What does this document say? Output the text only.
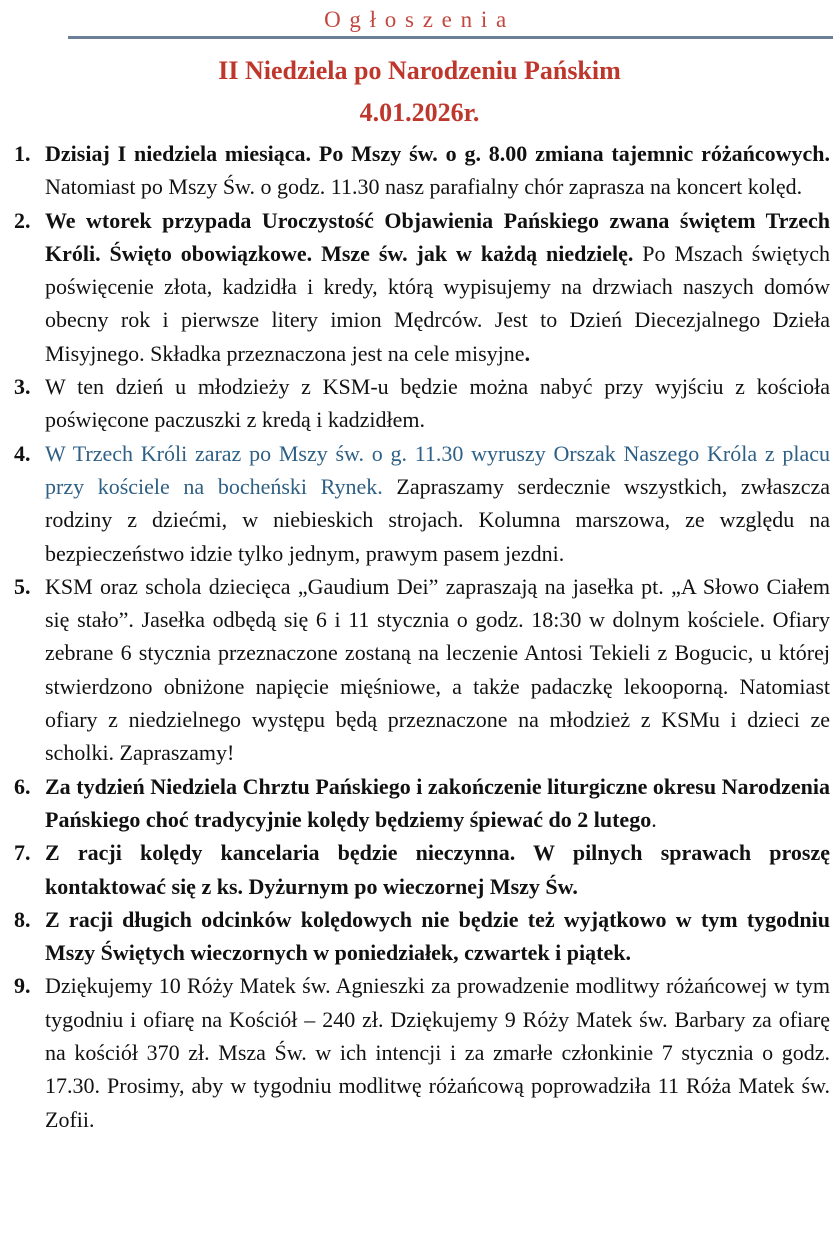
Ogłoszenia
II Niedziela po Narodzeniu Pańskim
4.01.2026r.
1. Dzisiaj I niedziela miesiąca. Po Mszy św. o g. 8.00 zmiana tajemnic różańcowych. Natomiast po Mszy Św. o godz. 11.30 nasz parafialny chór zaprasza na koncert kolęd.
2. We wtorek przypada Uroczystość Objawienia Pańskiego zwana świętem Trzech Króli. Święto obowiązkowe. Msze św. jak w każdą niedzielę. Po Mszach świętych poświęcenie złota, kadzidła i kredy, którą wypisujemy na drzwiach naszych domów obecny rok i pierwsze litery imion Mędrców. Jest to Dzień Diecezjalnego Dzieła Misyjnego. Składka przeznaczona jest na cele misyjne.
3. W ten dzień u młodzieży z KSM-u będzie można nabyć przy wyjściu z kościoła poświęcone paczuszki z kredą i kadzidłem.
4. W Trzech Króli zaraz po Mszy św. o g. 11.30 wyruszy Orszak Naszego Króla z placu przy kościele na bocheński Rynek. Zapraszamy serdecznie wszystkich, zwłaszcza rodziny z dziećmi, w niebieskich strojach. Kolumna marszowa, ze względu na bezpieczeństwo idzie tylko jednym, prawym pasem jezdni.
5. KSM oraz schola dziecięca „Gaudium Dei” zapraszają na jasełka pt. „A Słowo Ciałem się stało”. Jasełka odbędą się 6 i 11 stycznia o godz. 18:30 w dolnym kościele. Ofiary zebrane 6 stycznia przeznaczone zostaną na leczenie Antosi Tekieli z Bogucic, u której stwierdzono obniżone napięcie mięśniowe, a także padaczkę lekooporną. Natomiast ofiary z niedzielnego występu będą przeznaczone na młodzież z KSMu i dzieci ze scholki. Zapraszamy!
6. Za tydzień Niedziela Chrztu Pańskiego i zakończenie liturgiczne okresu Narodzenia Pańskiego choć tradycyjnie kolędy będziemy śpiewać do 2 lutego.
7. Z racji kolędy kancelaria będzie nieczynna. W pilnych sprawach proszę kontaktować się z ks. Dyżurnym po wieczornej Mszy Św.
8. Z racji długich odcinków kolędowych nie będzie też wyjątkowo w tym tygodniu Mszy Świętych wieczornych w poniedziałek, czwartek i piątek.
9. Dziękujemy 10 Róży Matek św. Agnieszki za prowadzenie modlitwy różańcowej w tym tygodniu i ofiarę na Kościół – 240 zł. Dziękujemy 9 Róży Matek św. Barbary za ofiarę na kościół 370 zł. Msza Św. w ich intencji i za zmarłe członkinie 7 stycznia o godz. 17.30. Prosimy, aby w tygodniu modlitwę różańcową poprowadziła 11 Róża Matek św. Zofii.
